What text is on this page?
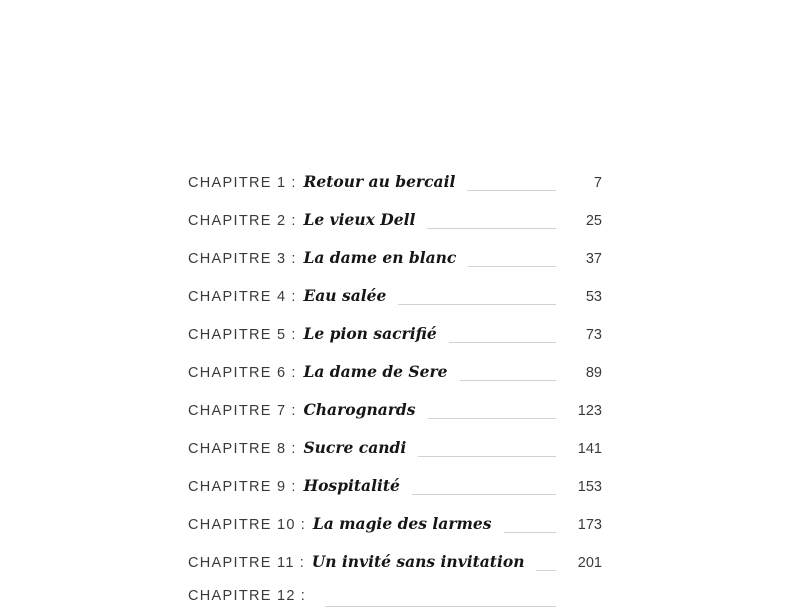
CHAPITRE 1 : Retour au bercail	7
CHAPITRE 2 : Le vieux Dell	25
CHAPITRE 3 : La dame en blanc	37
CHAPITRE 4 : Eau salée	53
CHAPITRE 5 : Le pion sacrifié	73
CHAPITRE 6 : La dame de Sere	89
CHAPITRE 7 : Charognards	123
CHAPITRE 8 : Sucre candi	141
CHAPITRE 9 : Hospitalité	153
CHAPITRE 10 : La magie des larmes	173
CHAPITRE 11 : Un invité sans invitation	201
CHAPITRE 12 :
